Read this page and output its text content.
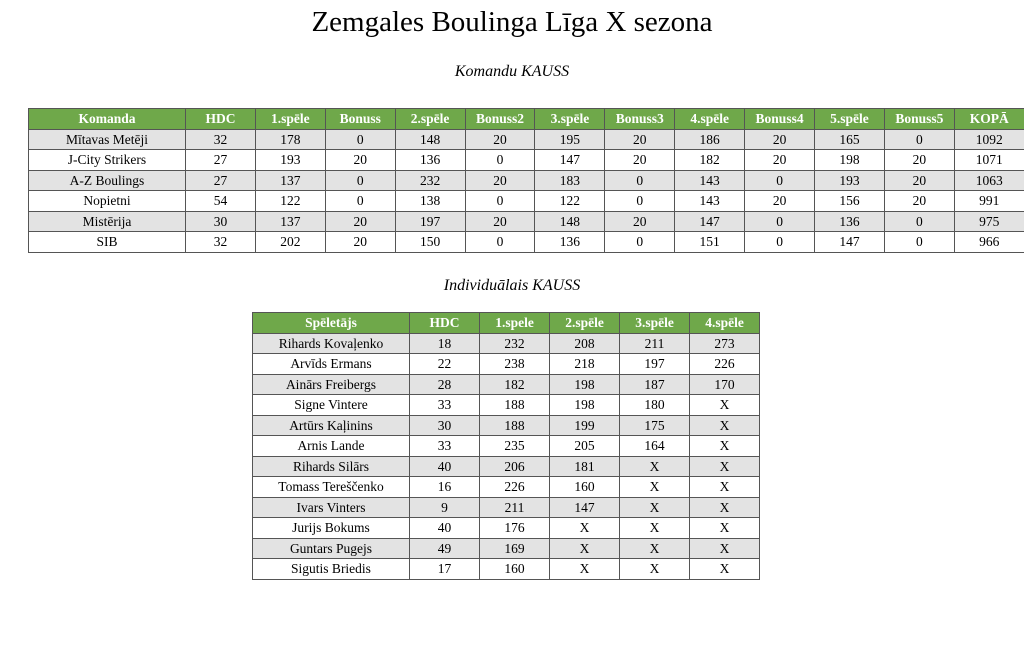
Zemgales Boulinga Līga X sezona
Komandu KAUSS
Komanda	HDC	1.spēle	Bonuss	2.spēle	Bonuss2	3.spēle	Bonuss3	4.spēle	Bonuss4	5.spēle	Bonuss5	KOPĀ
Mītavas Metēji	32	178	0	148	20	195	20	186	20	165	0	1092
J-City Strikers	27	193	20	136	0	147	20	182	20	198	20	1071
A-Z Boulings	27	137	0	232	20	183	0	143	0	193	20	1063
Nopietni	54	122	0	138	0	122	0	143	20	156	20	991
Mistērija	30	137	20	197	20	148	20	147	0	136	0	975
SIB	32	202	20	150	0	136	0	151	0	147	0	966
Individuālais KAUSS
Spēletājs	HDC	1.spele	2.spēle	3.spēle	4.spēle
Rihards Kovaļenko	18	232	208	211	273
Arvīds Ermans	22	238	218	197	226
Ainārs Freibergs	28	182	198	187	170
Signe Vintere	33	188	198	180	X
Artūrs Kaļinins	30	188	199	175	X
Arnis Lande	33	235	205	164	X
Rihards Silārs	40	206	181	X	X
Tomass Tereščenko	16	226	160	X	X
Ivars Vinters	9	211	147	X	X
Jurijs Bokums	40	176	X	X	X
Guntars Pugejs	49	169	X	X	X
Sigutis Briedis	17	160	X	X	X
